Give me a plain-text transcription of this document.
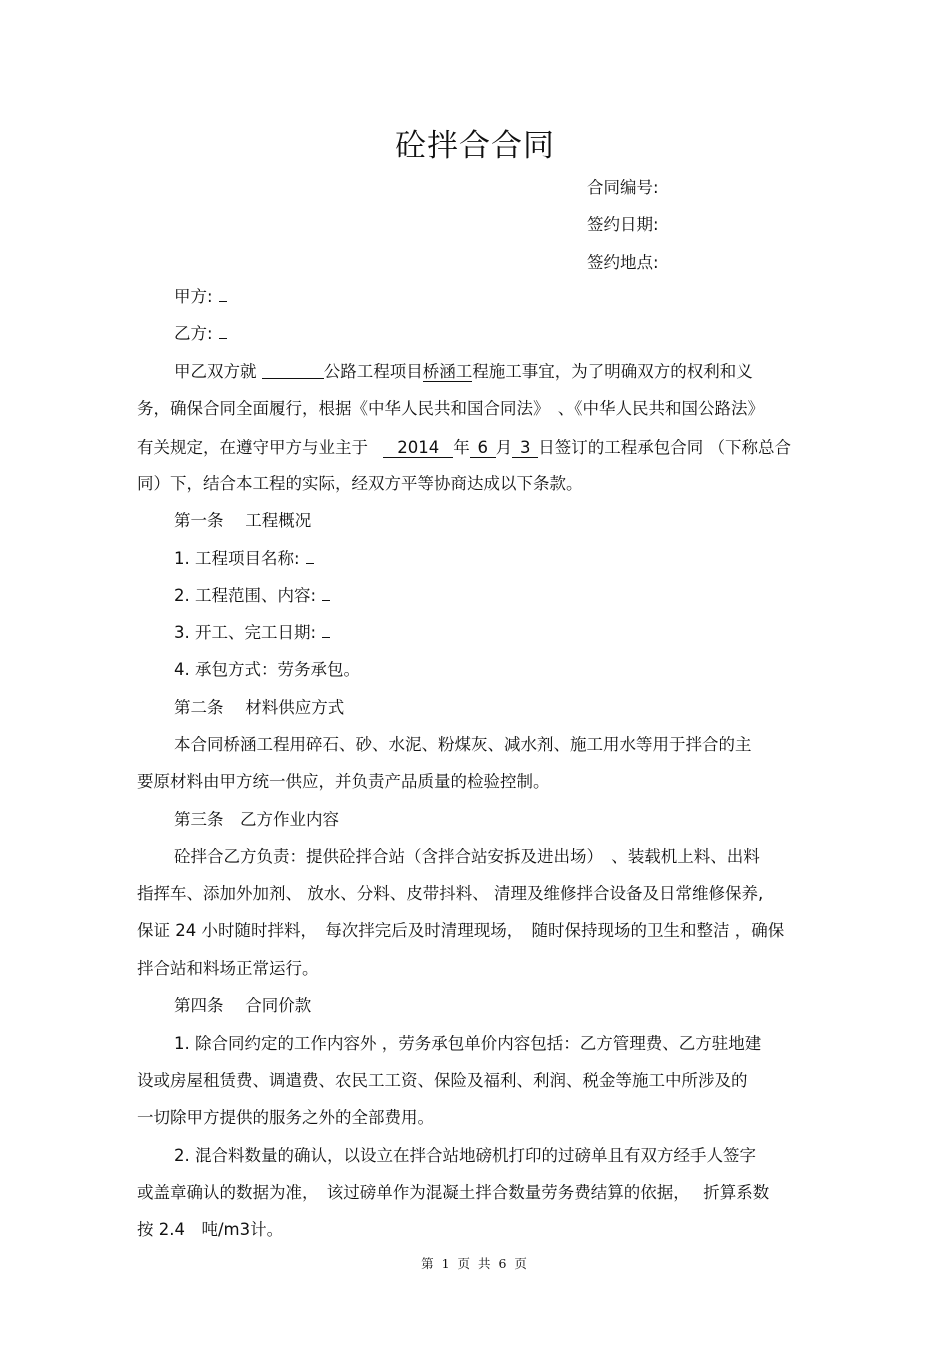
砼拌合合同
合同编号:
签约日期:
签约地点:
甲方:
乙方:
甲乙双方就	公路工程项目桥涵工程施工事宜，为了明确双方的权利和义
务，确保合同全面履行，根据《中华人民共和国合同法》　、《中华人民共和国公路法》
有关规定，在遵守甲方与业主于 2014 年 6 月 3 日签订的工程承包合同 （下称总合
同）下，结合本工程的实际，经双方平等协商达成以下条款。
第一条　 工程概况
1. 工程项目名称:
2. 工程范围、内容:
3. 开工、完工日期:
4. 承包方式：劳务承包。
第二条　 材料供应方式
本合同桥涵工程用碎石、砂、水泥、粉煤灰、减水剂、施工用水等用于拌合的主
要原材料由甲方统一供应，并负责产品质量的检验控制。
第三条　乙方作业内容
砼拌合乙方负责：提供砼拌合站（含拌合站安拆及进出场）　、装载机上料、出料
指挥车、添加外加剂、 放水、分料、皮带抖料、 清理及维修拌合设备及日常维修保养,
保证 24 小时随时拌料，　每次拌完后及时清理现场，　随时保持现场的卫生和整洁 ，确保
拌合站和料场正常运行。
第四条　 合同价款
1. 除合同约定的工作内容外 ，劳务承包单价内容包括：乙方管理费、乙方驻地建
设或房屋租赁费、调遣费、农民工工资、保险及福利、利润、税金等施工中所涉及的
一切除甲方提供的服务之外的全部费用。
2. 混合料数量的确认，以设立在拌合站地磅机打印的过磅单且有双方经手人签字
或盖章确认的数据为准，　该过磅单作为混凝土拌合数量劳务费结算的依据，　 折算系数
按 2.4　吨/m3计。
第 1 页 共 6 页
